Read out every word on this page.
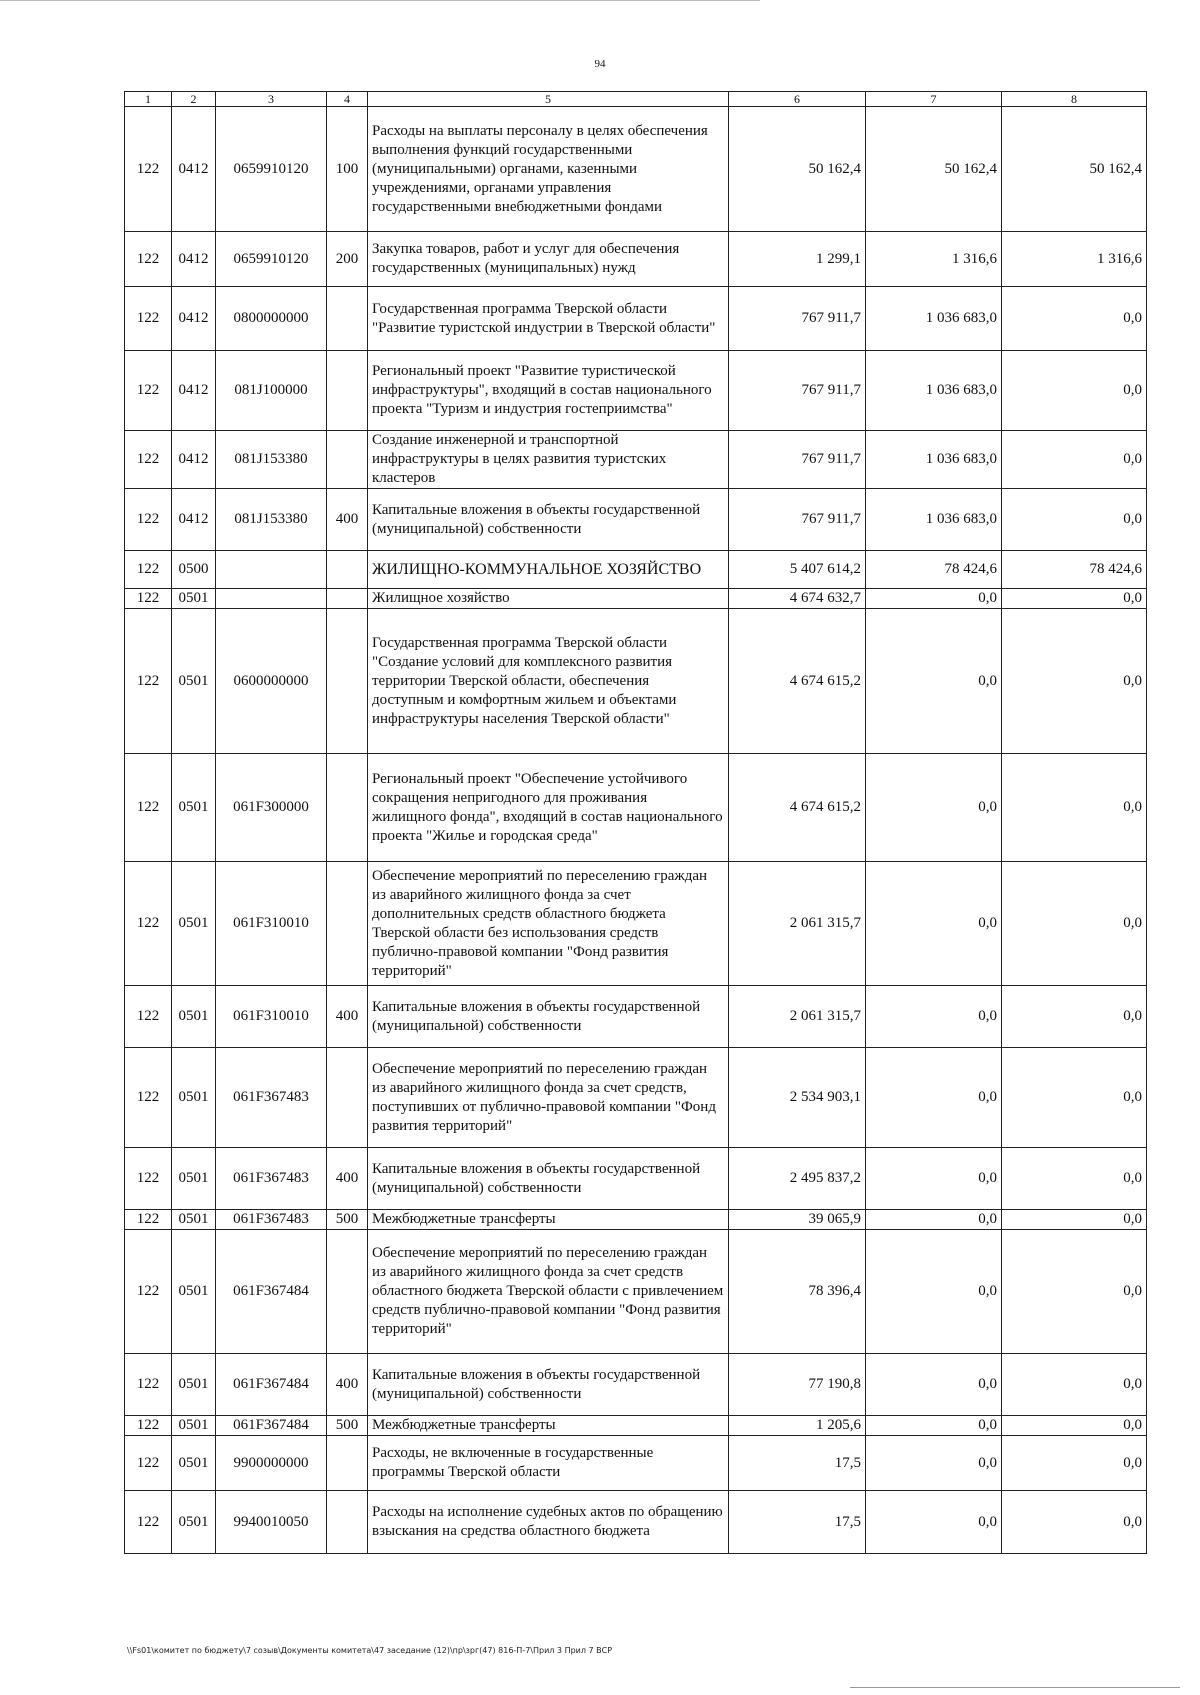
94
1	2	3	4	5	6	7	8
122	0412	0659910120	100	Расходы на выплаты персоналу в целях обеспечения выполнения функций государственными (муниципальными) органами, казенными учреждениями, органами управления государственными внебюджетными фондами	50 162,4	50 162,4	50 162,4
122	0412	0659910120	200	Закупка товаров, работ и услуг для обеспечения государственных (муниципальных) нужд	1 299,1	1 316,6	1 316,6
122	0412	0800000000		Государственная программа Тверской области "Развитие туристской индустрии в Тверской области"	767 911,7	1 036 683,0	0,0
122	0412	081J100000		Региональный проект "Развитие туристической инфраструктуры", входящий в состав национального проекта "Туризм и индустрия гостеприимства"	767 911,7	1 036 683,0	0,0
122	0412	081J153380		Создание инженерной и транспортной инфраструктуры в целях развития туристских кластеров	767 911,7	1 036 683,0	0,0
122	0412	081J153380	400	Капитальные вложения в объекты государственной (муниципальной) собственности	767 911,7	1 036 683,0	0,0
122	0500			ЖИЛИЩНО-КОММУНАЛЬНОЕ ХОЗЯЙСТВО	5 407 614,2	78 424,6	78 424,6
122	0501			Жилищное хозяйство	4 674 632,7	0,0	0,0
122	0501	0600000000		Государственная программа Тверской области "Создание условий для комплексного развития территории Тверской области, обеспечения доступным и комфортным жильем и объектами инфраструктуры населения Тверской области"	4 674 615,2	0,0	0,0
122	0501	061F300000		Региональный проект "Обеспечение устойчивого сокращения непригодного для проживания жилищного фонда", входящий в состав национального проекта "Жилье и городская среда"	4 674 615,2	0,0	0,0
122	0501	061F310010		Обеспечение мероприятий по переселению граждан из аварийного жилищного фонда за счет дополнительных средств областного бюджета Тверской области без использования средств публично-правовой компании "Фонд развития территорий"	2 061 315,7	0,0	0,0
122	0501	061F310010	400	Капитальные вложения в объекты государственной (муниципальной) собственности	2 061 315,7	0,0	0,0
122	0501	061F367483		Обеспечение мероприятий по переселению граждан из аварийного жилищного фонда за счет средств, поступивших от публично-правовой компании "Фонд развития территорий"	2 534 903,1	0,0	0,0
122	0501	061F367483	400	Капитальные вложения в объекты государственной (муниципальной) собственности	2 495 837,2	0,0	0,0
122	0501	061F367483	500	Межбюджетные трансферты	39 065,9	0,0	0,0
122	0501	061F367484		Обеспечение мероприятий по переселению граждан из аварийного жилищного фонда за счет средств областного бюджета Тверской области с привлечением средств публично-правовой компании "Фонд развития территорий"	78 396,4	0,0	0,0
122	0501	061F367484	400	Капитальные вложения в объекты государственной (муниципальной) собственности	77 190,8	0,0	0,0
122	0501	061F367484	500	Межбюджетные трансферты	1 205,6	0,0	0,0
122	0501	9900000000		Расходы, не включенные в государственные программы Тверской области	17,5	0,0	0,0
122	0501	9940010050		Расходы на исполнение судебных актов по обращению взыскания на средства областного бюджета	17,5	0,0	0,0
\\Fs01\комитет по бюджету\7 созыв\Документы комитета\47 заседание (12)\пр\зрг(47) 816-П-7\Прил 3 Прил 7 ВСР
